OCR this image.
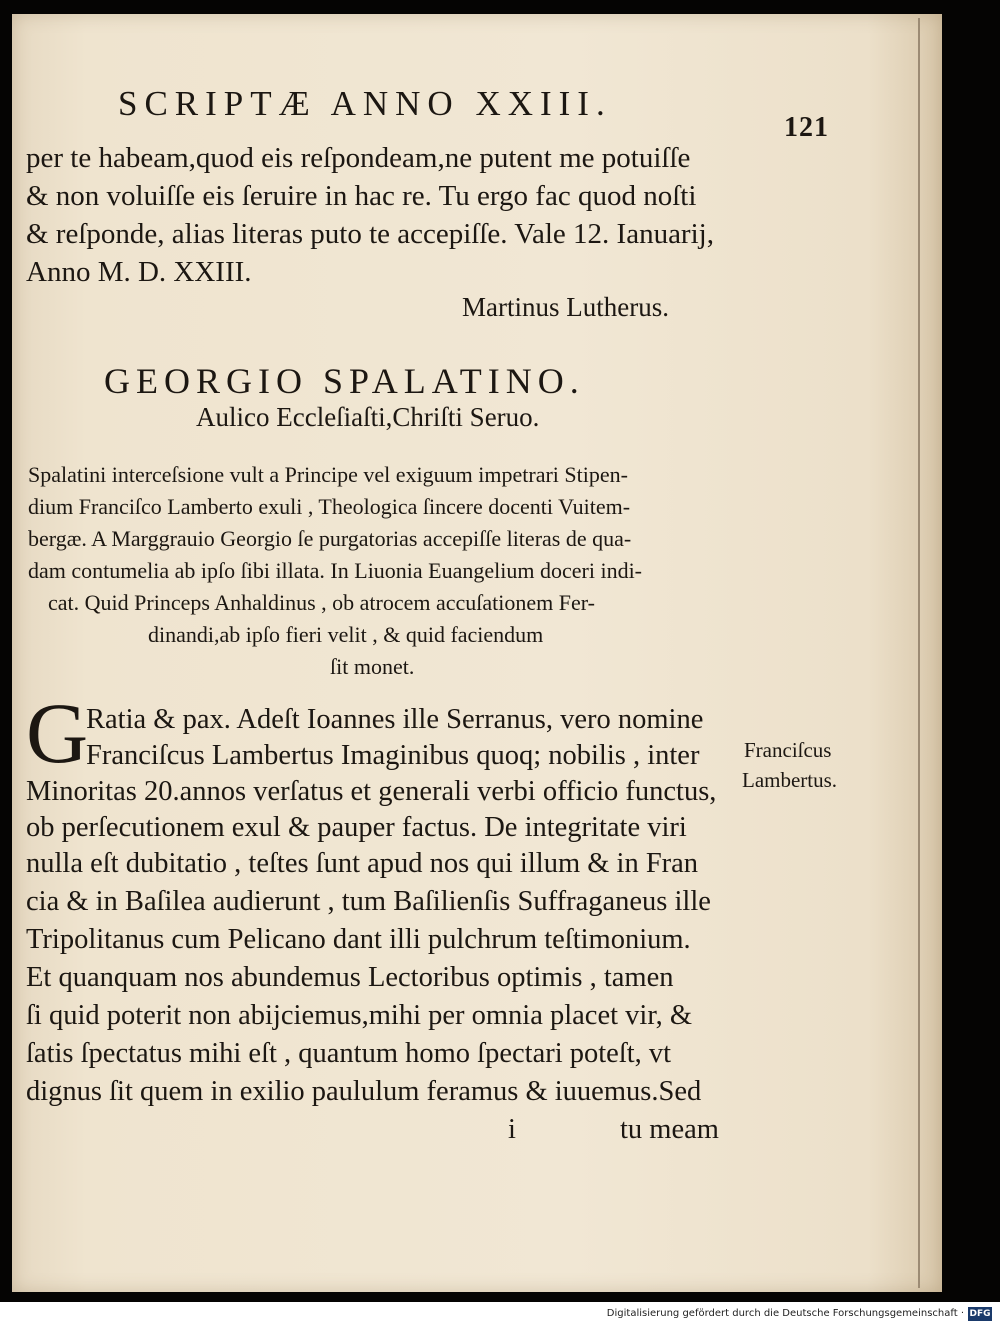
SCRIPTÆ ANNO XXIII.
121
per te habeam,quod eis reſpondeam,ne putent me potuiſſe
& non voluiſſe eis ſeruire in hac re. Tu ergo fac quod noſti
& reſponde, alias literas puto te accepiſſe. Vale 12. Ianuarij,
Anno M. D. XXIII.
Martinus Lutherus.
GEORGIO SPALATINO.
Aulico Eccleſiaſti,Chriſti Seruo.
Spalatini interceſsione vult a Principe vel exiguum impetrari Stipen-
dium Franciſco Lamberto exuli , Theologica ſincere docenti Vuitem-
bergæ. A Marggrauio Georgio ſe purgatorias accepiſſe literas de qua-
dam contumelia ab ipſo ſibi illata. In Liuonia Euangelium doceri indi-
cat. Quid Princeps Anhaldinus , ob atrocem accuſationem Fer-
dinandi,ab ipſo fieri velit , & quid faciendum
ſit monet.
G
Ratia & pax. Adeſt Ioannes ille Serranus, vero nomine
Franciſcus Lambertus Imaginibus quoq; nobilis , inter
Minoritas 20.annos verſatus et generali verbi officio functus,
ob perſecutionem exul & pauper factus. De integritate viri
nulla eſt dubitatio , teſtes ſunt apud nos qui illum & in Fran
cia & in Baſilea audierunt , tum Baſilienſis Suffraganeus ille
Tripolitanus cum Pelicano dant illi pulchrum teſtimonium.
Et quanquam nos abundemus Lectoribus optimis , tamen
ſi quid poterit non abijciemus,mihi per omnia placet vir, &
ſatis ſpectatus mihi eſt , quantum homo ſpectari poteſt, vt
dignus ſit quem in exilio paululum feramus & iuuemus.Sed
Franciſcus
Lambertus.
i	tu meam
Digitalisierung gefördert durch die Deutsche Forschungsgemeinschaft · DFG
